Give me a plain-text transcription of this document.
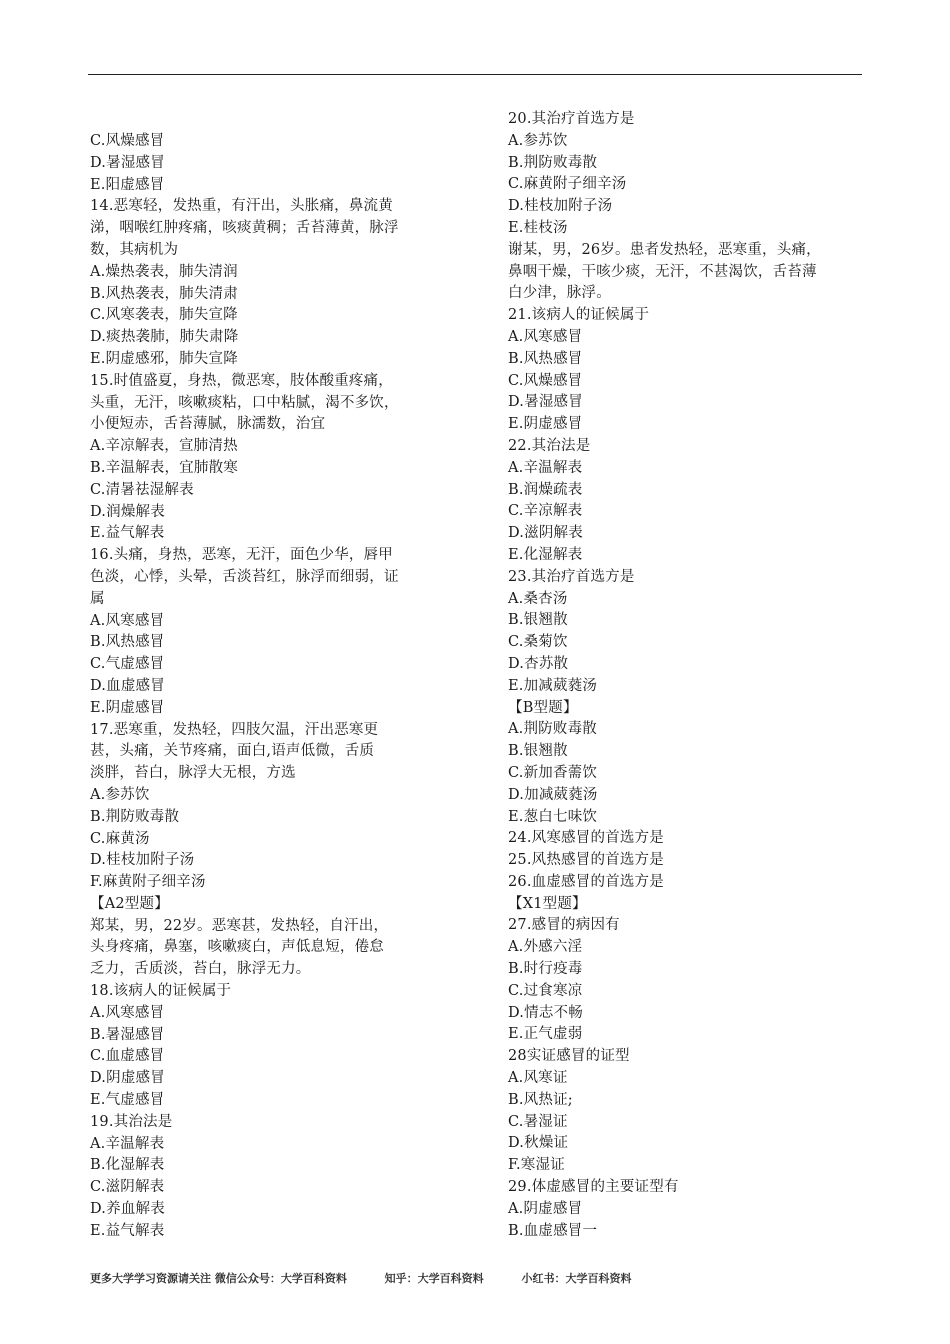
C.风燥感冒
D.暑湿感冒
E.阳虚感冒
14.恶寒轻，发热重，有汗出，头胀痛，鼻流黄
涕，咽喉红肿疼痛，咳痰黄稠；舌苔薄黄，脉浮
数，其病机为
A.燥热袭表，肺失清润
B.风热袭表，肺失清肃
C.风寒袭表，肺失宣降
D.痰热袭肺，肺失肃降
E.阴虚感邪，肺失宣降
15.时值盛夏，身热，微恶寒，肢体酸重疼痛，
头重，无汗，咳嗽痰粘，口中粘腻，渴不多饮，
小便短赤，舌苔薄腻，脉濡数，治宜
A.辛凉解表，宣肺清热
B.辛温解表，宜肺散寒
C.清暑祛湿解表
D.润燥解表
E.益气解表
16.头痛，身热，恶寒，无汗，面色少华，唇甲
色淡，心悸，头晕，舌淡苔红，脉浮而细弱，证
属
A.风寒感冒
B.风热感冒
C.气虚感冒
D.血虚感冒
E.阴虚感冒
17.恶寒重，发热轻，四肢欠温，汗出恶寒更
甚，头痛，关节疼痛，面白,语声低微，舌质
淡胖，苔白，脉浮大无根，方选
A.参苏饮
B.荆防败毒散
C.麻黄汤
D.桂枝加附子汤
F.麻黄附子细辛汤
【A2型题】
郑某，男，22岁。恶寒甚，发热轻，自汗出，
头身疼痛，鼻塞，咳嗽痰白，声低息短，倦怠
乏力，舌质淡，苔白，脉浮无力。
18.该病人的证候属于
A.风寒感冒
B.暑湿感冒
C.血虚感冒
D.阴虚感冒
E.气虚感冒
19.其治法是
A.辛温解表
B.化湿解表
C.滋阴解表
D.养血解表
E.益气解表
20.其治疗首选方是
A.参苏饮
B.荆防败毒散
C.麻黄附子细辛汤
D.桂枝加附子汤
E.桂枝汤
谢某，男，26岁。患者发热轻，恶寒重，头痛，
鼻咽干燥，干咳少痰，无汗，不甚渴饮，舌苔薄
白少津，脉浮。
21.该病人的证候属于
A.风寒感冒
B.风热感冒
C.风燥感冒
D.暑湿感冒
E.阴虚感冒
22.其治法是
A.辛温解表
B.润燥疏表
C.辛凉解表
D.滋阴解表
E.化湿解表
23.其治疗首选方是
A.桑杏汤
B.银翘散
C.桑菊饮
D.杏苏散
E.加减葳蕤汤
【B型题】
A.荆防败毒散
B.银翘散
C.新加香薷饮
D.加减葳蕤汤
E.葱白七味饮
24.风寒感冒的首选方是
25.风热感冒的首选方是
26.血虚感冒的首选方是
【X1型题】
27.感冒的病因有
A.外感六淫
B.时行疫毒
C.过食寒凉
D.情志不畅
E.正气虚弱
28实证感冒的证型
A.风寒证
B.风热证;
C.暑湿证
D.秋燥证
F.寒湿证
29.体虚感冒的主要证型有
A.阴虚感冒
B.血虚感冒一
更多大学学习资源请关注 微信公众号：大学百科资料	知乎：大学百科资料	小红书：大学百科资料
